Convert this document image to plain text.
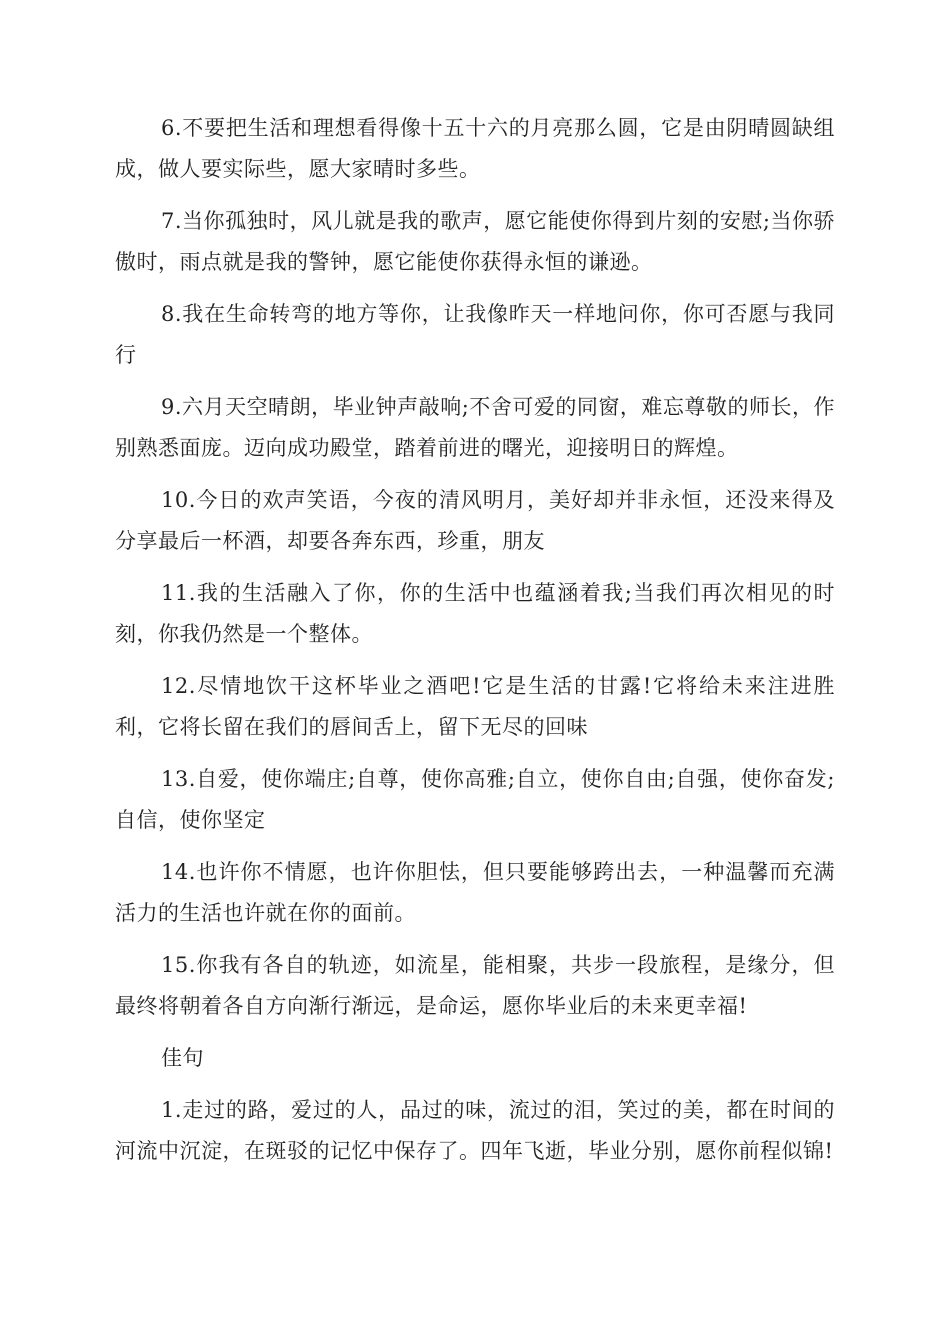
6.不要把生活和理想看得像十五十六的月亮那么圆，它是由阴晴圆缺组成，做人要实际些，愿大家晴时多些。

7.当你孤独时，风儿就是我的歌声，愿它能使你得到片刻的安慰;当你骄傲时，雨点就是我的警钟，愿它能使你获得永恒的谦逊。

8.我在生命转弯的地方等你，让我像昨天一样地问你，你可否愿与我同行

9.六月天空晴朗，毕业钟声敲响;不舍可爱的同窗，难忘尊敬的师长，作别熟悉面庞。迈向成功殿堂，踏着前进的曙光，迎接明日的辉煌。

10.今日的欢声笑语，今夜的清风明月，美好却并非永恒，还没来得及分享最后一杯酒，却要各奔东西，珍重，朋友

11.我的生活融入了你，你的生活中也蕴涵着我;当我们再次相见的时刻，你我仍然是一个整体。

12.尽情地饮干这杯毕业之酒吧!它是生活的甘露!它将给未来注进胜利，它将长留在我们的唇间舌上，留下无尽的回味

13.自爱，使你端庄;自尊，使你高雅;自立，使你自由;自强，使你奋发;自信，使你坚定

14.也许你不情愿，也许你胆怯，但只要能够跨出去，一种温馨而充满活力的生活也许就在你的面前。

15.你我有各自的轨迹，如流星，能相聚，共步一段旅程，是缘分，但最终将朝着各自方向渐行渐远，是命运，愿你毕业后的未来更幸福!

佳句

1.走过的路，爱过的人，品过的味，流过的泪，笑过的美，都在时间的河流中沉淀，在斑驳的记忆中保存了。四年飞逝，毕业分别，愿你前程似锦!
